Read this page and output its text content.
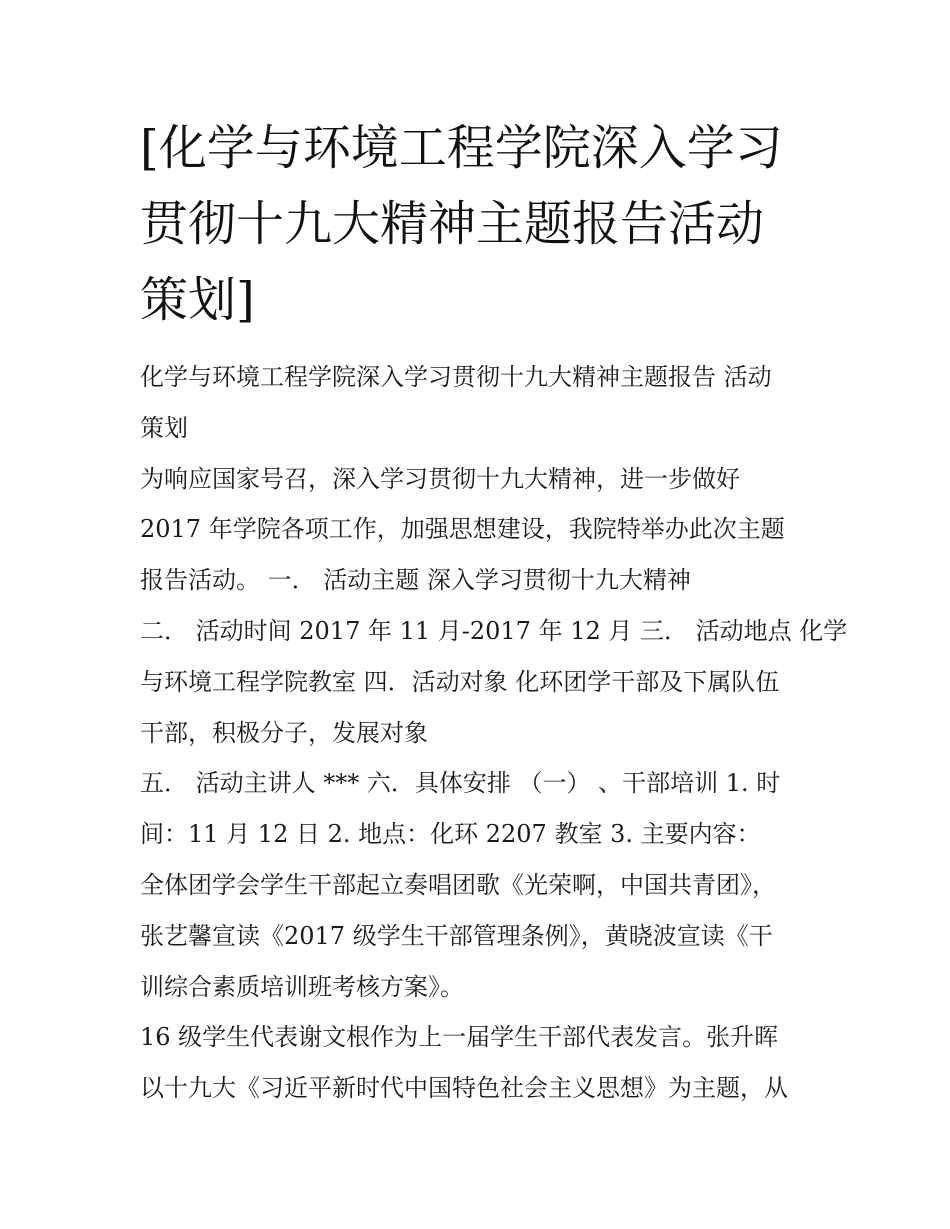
[化学与环境工程学院深入学习
贯彻十九大精神主题报告活动
策划]
化学与环境工程学院深入学习贯彻十九大精神主题报告 活动
策划
为响应国家号召，深入学习贯彻十九大精神，进一步做好
2017 年学院各项工作，加强思想建设，我院特举办此次主题
报告活动。 一． 活动主题 深入学习贯彻十九大精神
二． 活动时间 2017 年 11 月-2017 年 12 月 三． 活动地点 化学
与环境工程学院教室 四．活动对象 化环团学干部及下属队伍
干部，积极分子，发展对象
五． 活动主讲人 *** 六．具体安排 （一） 、干部培训 1. 时
间：11 月 12 日 2. 地点：化环 2207 教室 3. 主要内容：
全体团学会学生干部起立奏唱团歌《光荣啊，中国共青团》，
张艺馨宣读《2017 级学生干部管理条例》，黄晓波宣读《干
训综合素质培训班考核方案》。
16 级学生代表谢文根作为上一届学生干部代表发言。张升晖
以十九大《习近平新时代中国特色社会主义思想》为主题，从
